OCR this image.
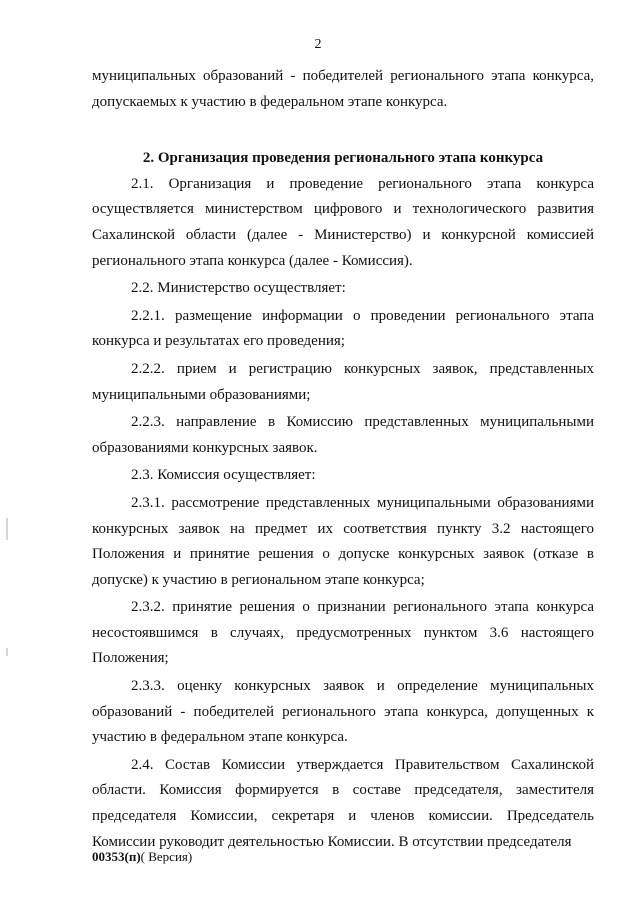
2

муниципальных образований - победителей регионального этапа конкурса, допускаемых к участию в федеральном этапе конкурса.

2. Организация проведения регионального этапа конкурса

2.1. Организация и проведение регионального этапа конкурса осуществляется министерством цифрового и технологического развития Сахалинской области (далее - Министерство) и конкурсной комиссией регионального этапа конкурса (далее - Комиссия).

2.2. Министерство осуществляет:

2.2.1. размещение информации о проведении регионального этапа конкурса и результатах его проведения;

2.2.2. прием и регистрацию конкурсных заявок, представленных муниципальными образованиями;

2.2.3. направление в Комиссию представленных муниципальными образованиями конкурсных заявок.

2.3. Комиссия осуществляет:

2.3.1. рассмотрение представленных муниципальными образованиями конкурсных заявок на предмет их соответствия пункту 3.2 настоящего Положения и принятие решения о допуске конкурсных заявок (отказе в допуске) к участию в региональном этапе конкурса;

2.3.2. принятие решения о признании регионального этапа конкурса несостоявшимся в случаях, предусмотренных пунктом 3.6 настоящего Положения;

2.3.3. оценку конкурсных заявок и определение муниципальных образований - победителей регионального этапа конкурса, допущенных к участию в федеральном этапе конкурса.

2.4. Состав Комиссии утверждается Правительством Сахалинской области. Комиссия формируется в составе председателя, заместителя председателя Комиссии, секретаря и членов комиссии. Председатель Комиссии руководит деятельностью Комиссии. В отсутствии председателя

00353(п)( Версия)
